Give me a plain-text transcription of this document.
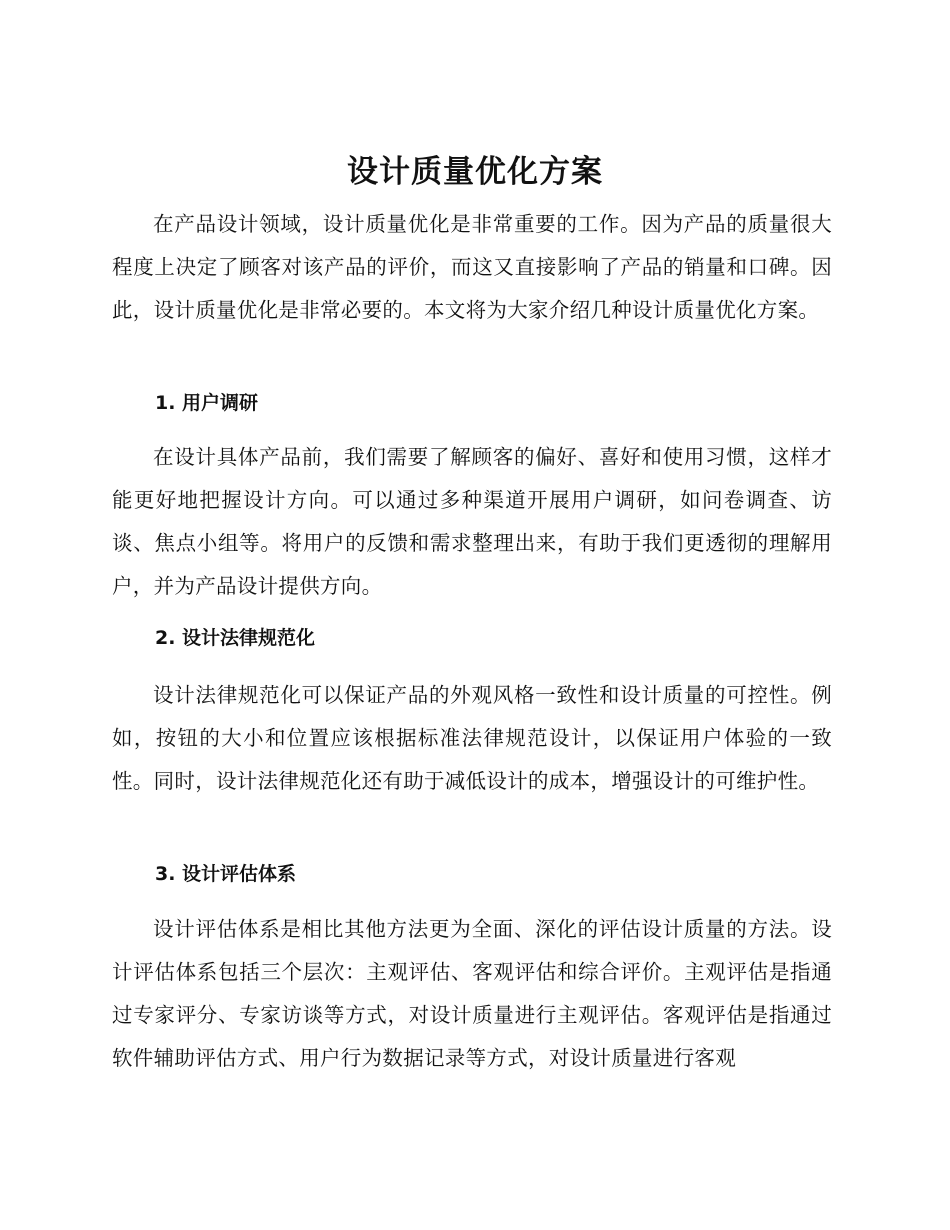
设计质量优化方案
在产品设计领域，设计质量优化是非常重要的工作。因为产品的质量很大程度上决定了顾客对该产品的评价，而这又直接影响了产品的销量和口碑。因此，设计质量优化是非常必要的。本文将为大家介绍几种设计质量优化方案。
1. 用户调研
在设计具体产品前，我们需要了解顾客的偏好、喜好和使用习惯，这样才能更好地把握设计方向。可以通过多种渠道开展用户调研，如问卷调查、访谈、焦点小组等。将用户的反馈和需求整理出来，有助于我们更透彻的理解用户，并为产品设计提供方向。
2. 设计法律规范化
设计法律规范化可以保证产品的外观风格一致性和设计质量的可控性。例如，按钮的大小和位置应该根据标准法律规范设计，以保证用户体验的一致性。同时，设计法律规范化还有助于减低设计的成本，增强设计的可维护性。
3. 设计评估体系
设计评估体系是相比其他方法更为全面、深化的评估设计质量的方法。设计评估体系包括三个层次：主观评估、客观评估和综合评价。主观评估是指通过专家评分、专家访谈等方式，对设计质量进行主观评估。客观评估是指通过软件辅助评估方式、用户行为数据记录等方式，对设计质量进行客观
